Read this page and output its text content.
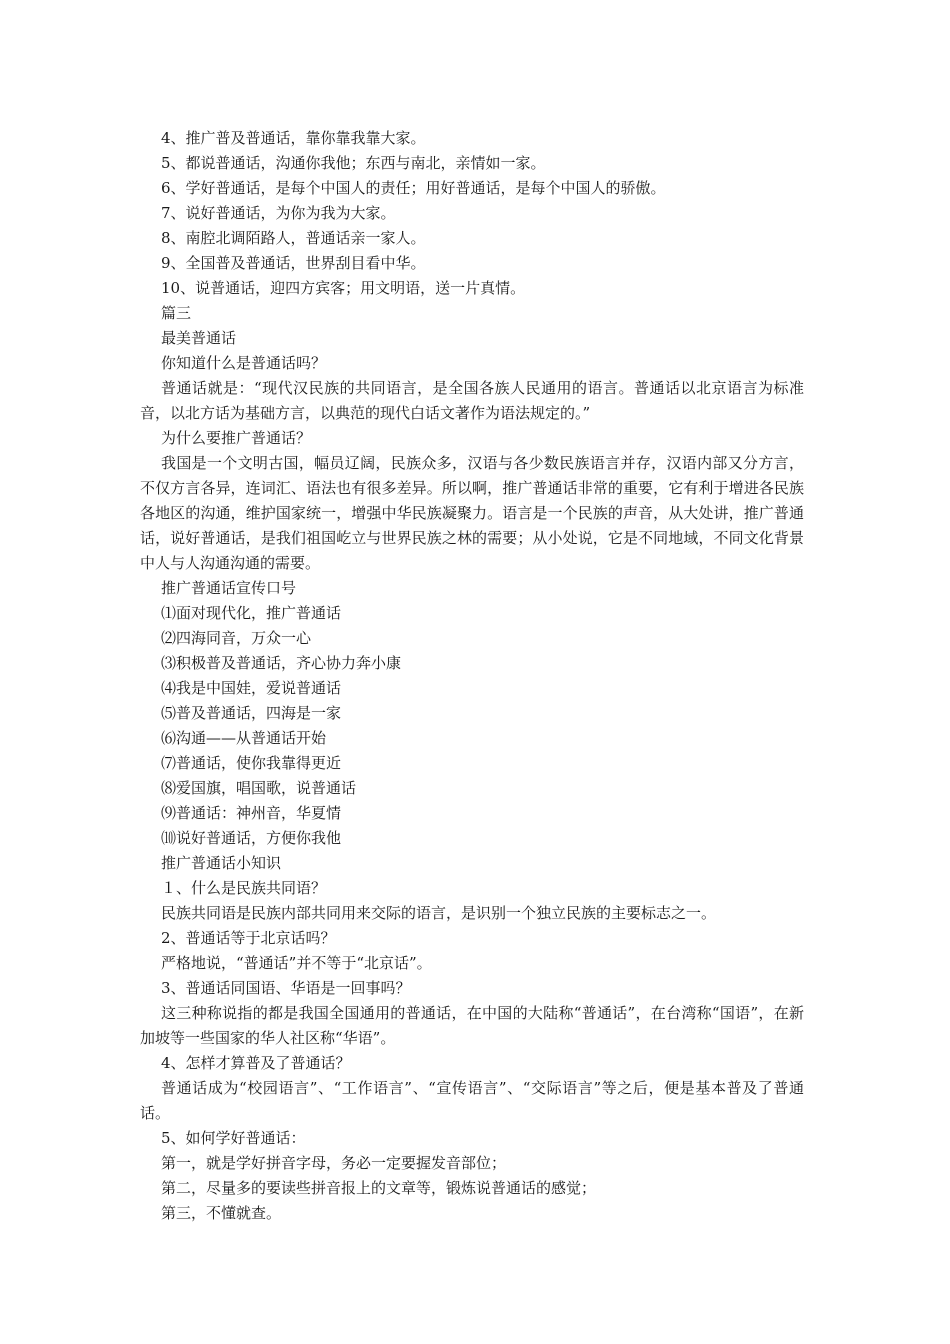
4、推广普及普通话，靠你靠我靠大家。
5、都说普通话，沟通你我他；东西与南北，亲情如一家。
6、学好普通话，是每个中国人的责任；用好普通话，是每个中国人的骄傲。
7、说好普通话，为你为我为大家。
8、南腔北调陌路人，普通话亲一家人。
9、全国普及普通话，世界刮目看中华。
10、说普通话，迎四方宾客；用文明语，送一片真情。
篇三
最美普通话
你知道什么是普通话吗？
普通话就是：“现代汉民族的共同语言，是全国各族人民通用的语言。普通话以北京语言为标准音，以北方话为基础方言，以典范的现代白话文著作为语法规定的。”
为什么要推广普通话？
我国是一个文明古国，幅员辽阔，民族众多，汉语与各少数民族语言并存，汉语内部又分方言，不仅方言各异，连词汇、语法也有很多差异。所以啊，推广普通话非常的重要，它有利于增进各民族各地区的沟通，维护国家统一，增强中华民族凝聚力。语言是一个民族的声音，从大处讲，推广普通话，说好普通话，是我们祖国屹立与世界民族之林的需要；从小处说，它是不同地域，不同文化背景中人与人沟通沟通的需要。
推广普通话宣传口号
⑴面对现代化，推广普通话
⑵四海同音，万众一心
⑶积极普及普通话，齐心协力奔小康
⑷我是中国娃，爱说普通话
⑸普及普通话，四海是一家
⑹沟通——从普通话开始
⑺普通话，使你我靠得更近
⑻爱国旗，唱国歌，说普通话
⑼普通话：神州音，华夏情
⑽说好普通话，方便你我他
推广普通话小知识
１、什么是民族共同语？
民族共同语是民族内部共同用来交际的语言，是识别一个独立民族的主要标志之一。
2、普通话等于北京话吗？
严格地说，“普通话”并不等于“北京话”。
3、普通话同国语、华语是一回事吗？
这三种称说指的都是我国全国通用的普通话，在中国的大陆称“普通话”，在台湾称“国语”，在新加坡等一些国家的华人社区称“华语”。
4、怎样才算普及了普通话？
普通话成为“校园语言”、“工作语言”、“宣传语言”、“交际语言”等之后，便是基本普及了普通话。
5、如何学好普通话：
第一，就是学好拼音字母，务必一定要握发音部位；
第二，尽量多的要读些拼音报上的文章等，锻炼说普通话的感觉；
第三，不懂就查。
